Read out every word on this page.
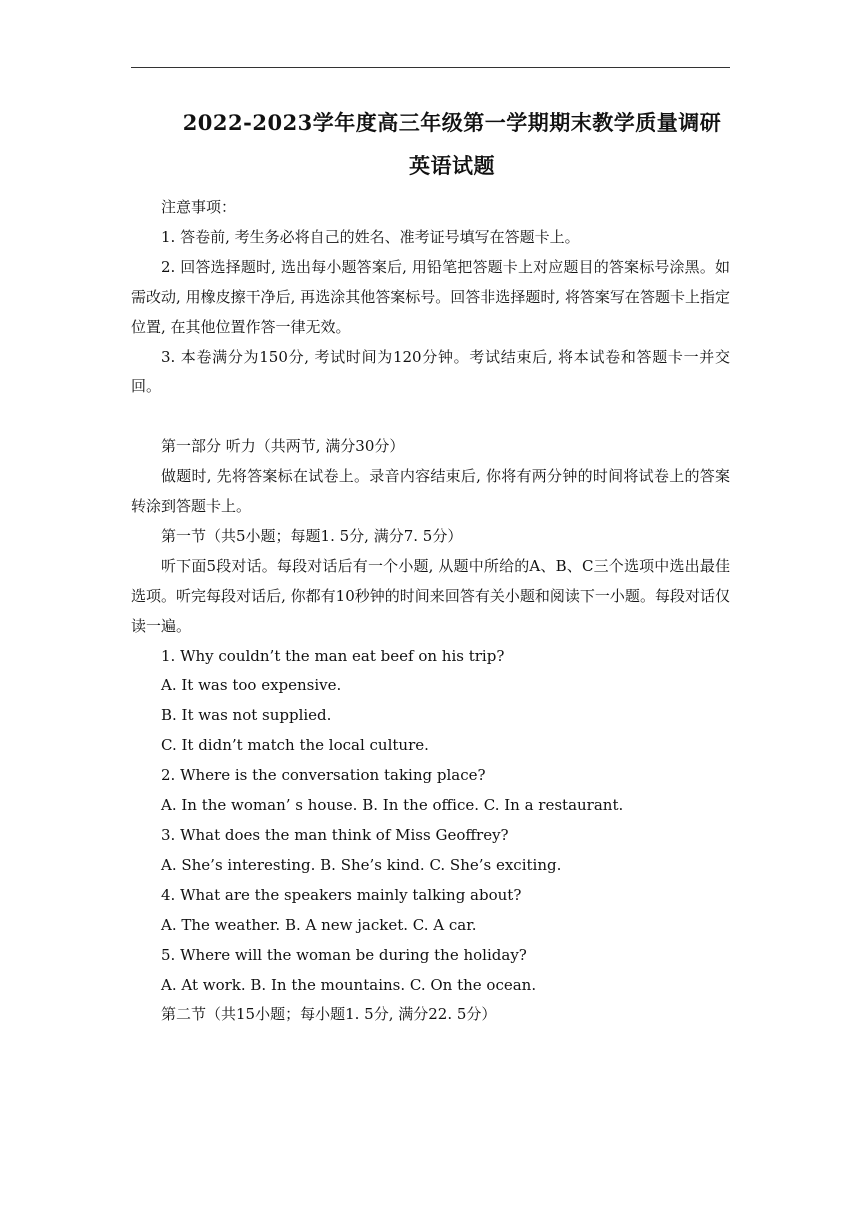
2022-2023学年度高三年级第一学期期末教学质量调研
英语试题

注意事项：

1. 答卷前, 考生务必将自己的姓名、准考证号填写在答题卡上。

2. 回答选择题时, 选出每小题答案后, 用铅笔把答题卡上对应题目的答案标号涂黑。如需改动, 用橡皮擦干净后, 再选涂其他答案标号。回答非选择题时, 将答案写在答题卡上指定位置, 在其他位置作答一律无效。

3. 本卷满分为150分, 考试时间为120分钟。考试结束后, 将本试卷和答题卡一并交回。

第一部分 听力（共两节, 满分30分）

做题时, 先将答案标在试卷上。录音内容结束后, 你将有两分钟的时间将试卷上的答案转涂到答题卡上。

第一节（共5小题；每题1. 5分, 满分7. 5分）

听下面5段对话。每段对话后有一个小题, 从题中所给的A、B、C三个选项中选出最佳选项。听完每段对话后, 你都有10秒钟的时间来回答有关小题和阅读下一小题。每段对话仅读一遍。

1. Why couldn’t the man eat beef on his trip?

A. It was too expensive.

B. It was not supplied.

C. It didn’t match the local culture.

2. Where is the conversation taking place?

A. In the woman’ s house. B. In the office. C. In a restaurant.

3. What does the man think of Miss Geoffrey?

A. She’s interesting. B. She’s kind. C. She’s exciting.

4. What are the speakers mainly talking about?

A. The weather. B. A new jacket. C. A car.

5. Where will the woman be during the holiday?

A. At work. B. In the mountains. C. On the ocean.

第二节（共15小题；每小题1. 5分, 满分22. 5分）
